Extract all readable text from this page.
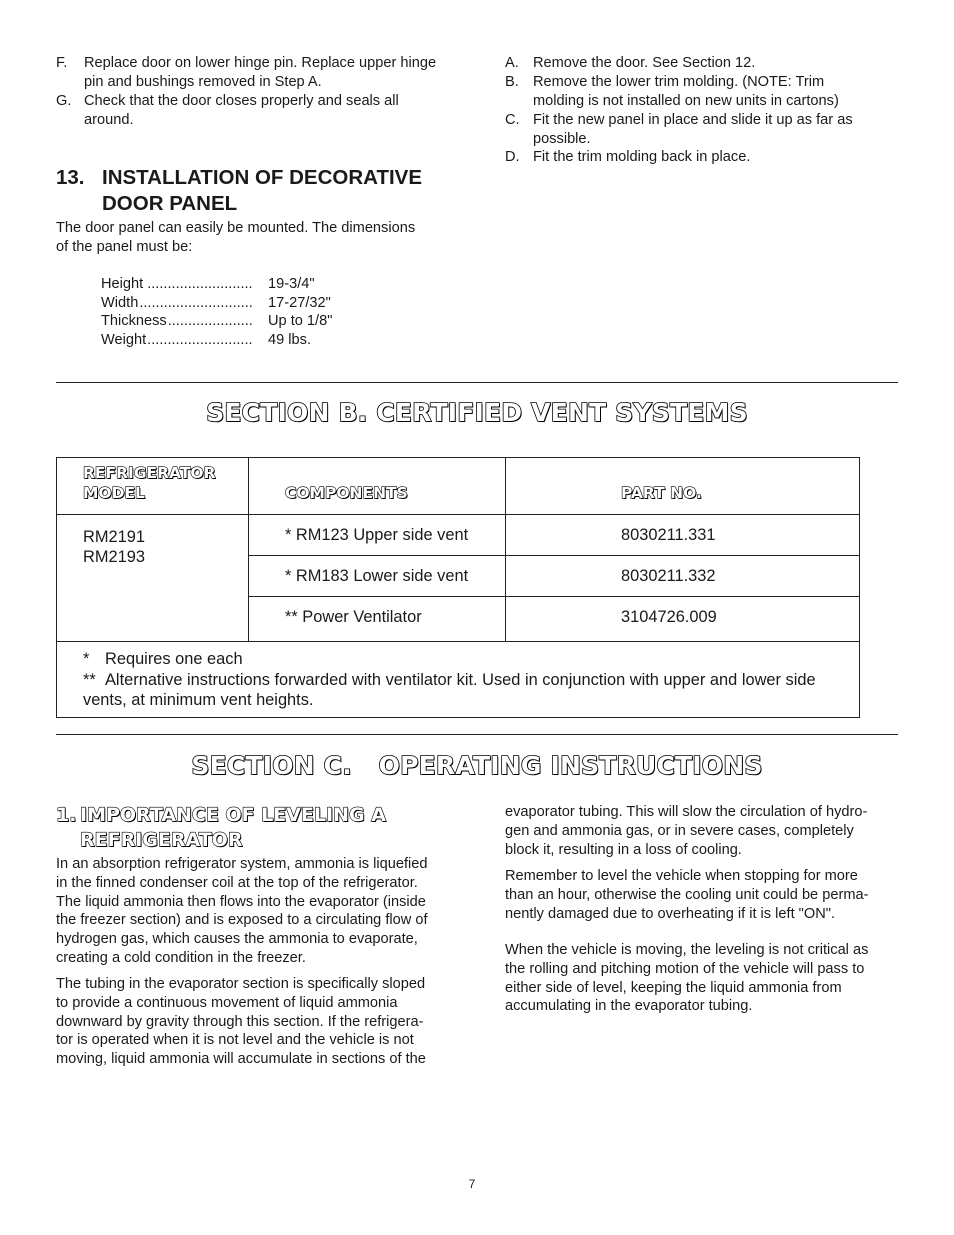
F. Replace door on lower hinge pin. Replace upper hinge
pin and bushings removed in Step A.
G. Check that the door closes properly and seals all
around.
A. Remove the door. See Section 12.
B. Remove the lower trim molding. (NOTE: Trim
molding is not installed on new units in cartons)
C. Fit the new panel in place and slide it up as far as
possible.
D. Fit the trim molding back in place.
13. INSTALLATION OF DECORATIVE
DOOR PANEL
The door panel can easily be mounted. The dimensions
of the panel must be:
Height .......................... 19-3/4"
Width ............................ 17-27/32"
Thickness ..................... Up to 1/8"
Weight .......................... 49 lbs.
SECTION B. CERTIFIED VENT SYSTEMS
REFRIGERATOR
MODEL	COMPONENTS	PART NO.

RM2191
RM2193	* RM123 Upper side vent	8030211.331

	* RM183 Lower side vent	8030211.332

	** Power Ventilator	3104726.009

* Requires one each
** Alternative instructions forwarded with ventilator kit. Used in conjunction with upper and lower side
vents, at minimum vent heights.		
SECTION C.   OPERATING INSTRUCTIONS
1. IMPORTANCE OF LEVELING A
REFRIGERATOR
In an absorption refrigerator system, ammonia is liquefied
in the finned condenser coil at the top of the refrigerator.
The liquid ammonia then flows into the evaporator (inside
the freezer section) and is exposed to a circulating flow of
hydrogen gas, which causes the ammonia to evaporate,
creating a cold condition in the freezer.
The tubing in the evaporator section is specifically sloped
to provide a continuous movement of liquid ammonia
downward by gravity through this section. If the refrigera-
tor is operated when it is not level and the vehicle is not
moving, liquid ammonia will accumulate in sections of the
evaporator tubing. This will slow the circulation of hydro-
gen and ammonia gas, or in severe cases, completely
block it, resulting in a loss of cooling.
Remember to level the vehicle when stopping for more
than an hour, otherwise the cooling unit could be perma-
nently damaged due to overheating if it is left "ON".
When the vehicle is moving, the leveling is not critical as
the rolling and pitching motion of the vehicle will pass to
either side of level, keeping the liquid ammonia from
accumulating in the evaporator tubing.
7
